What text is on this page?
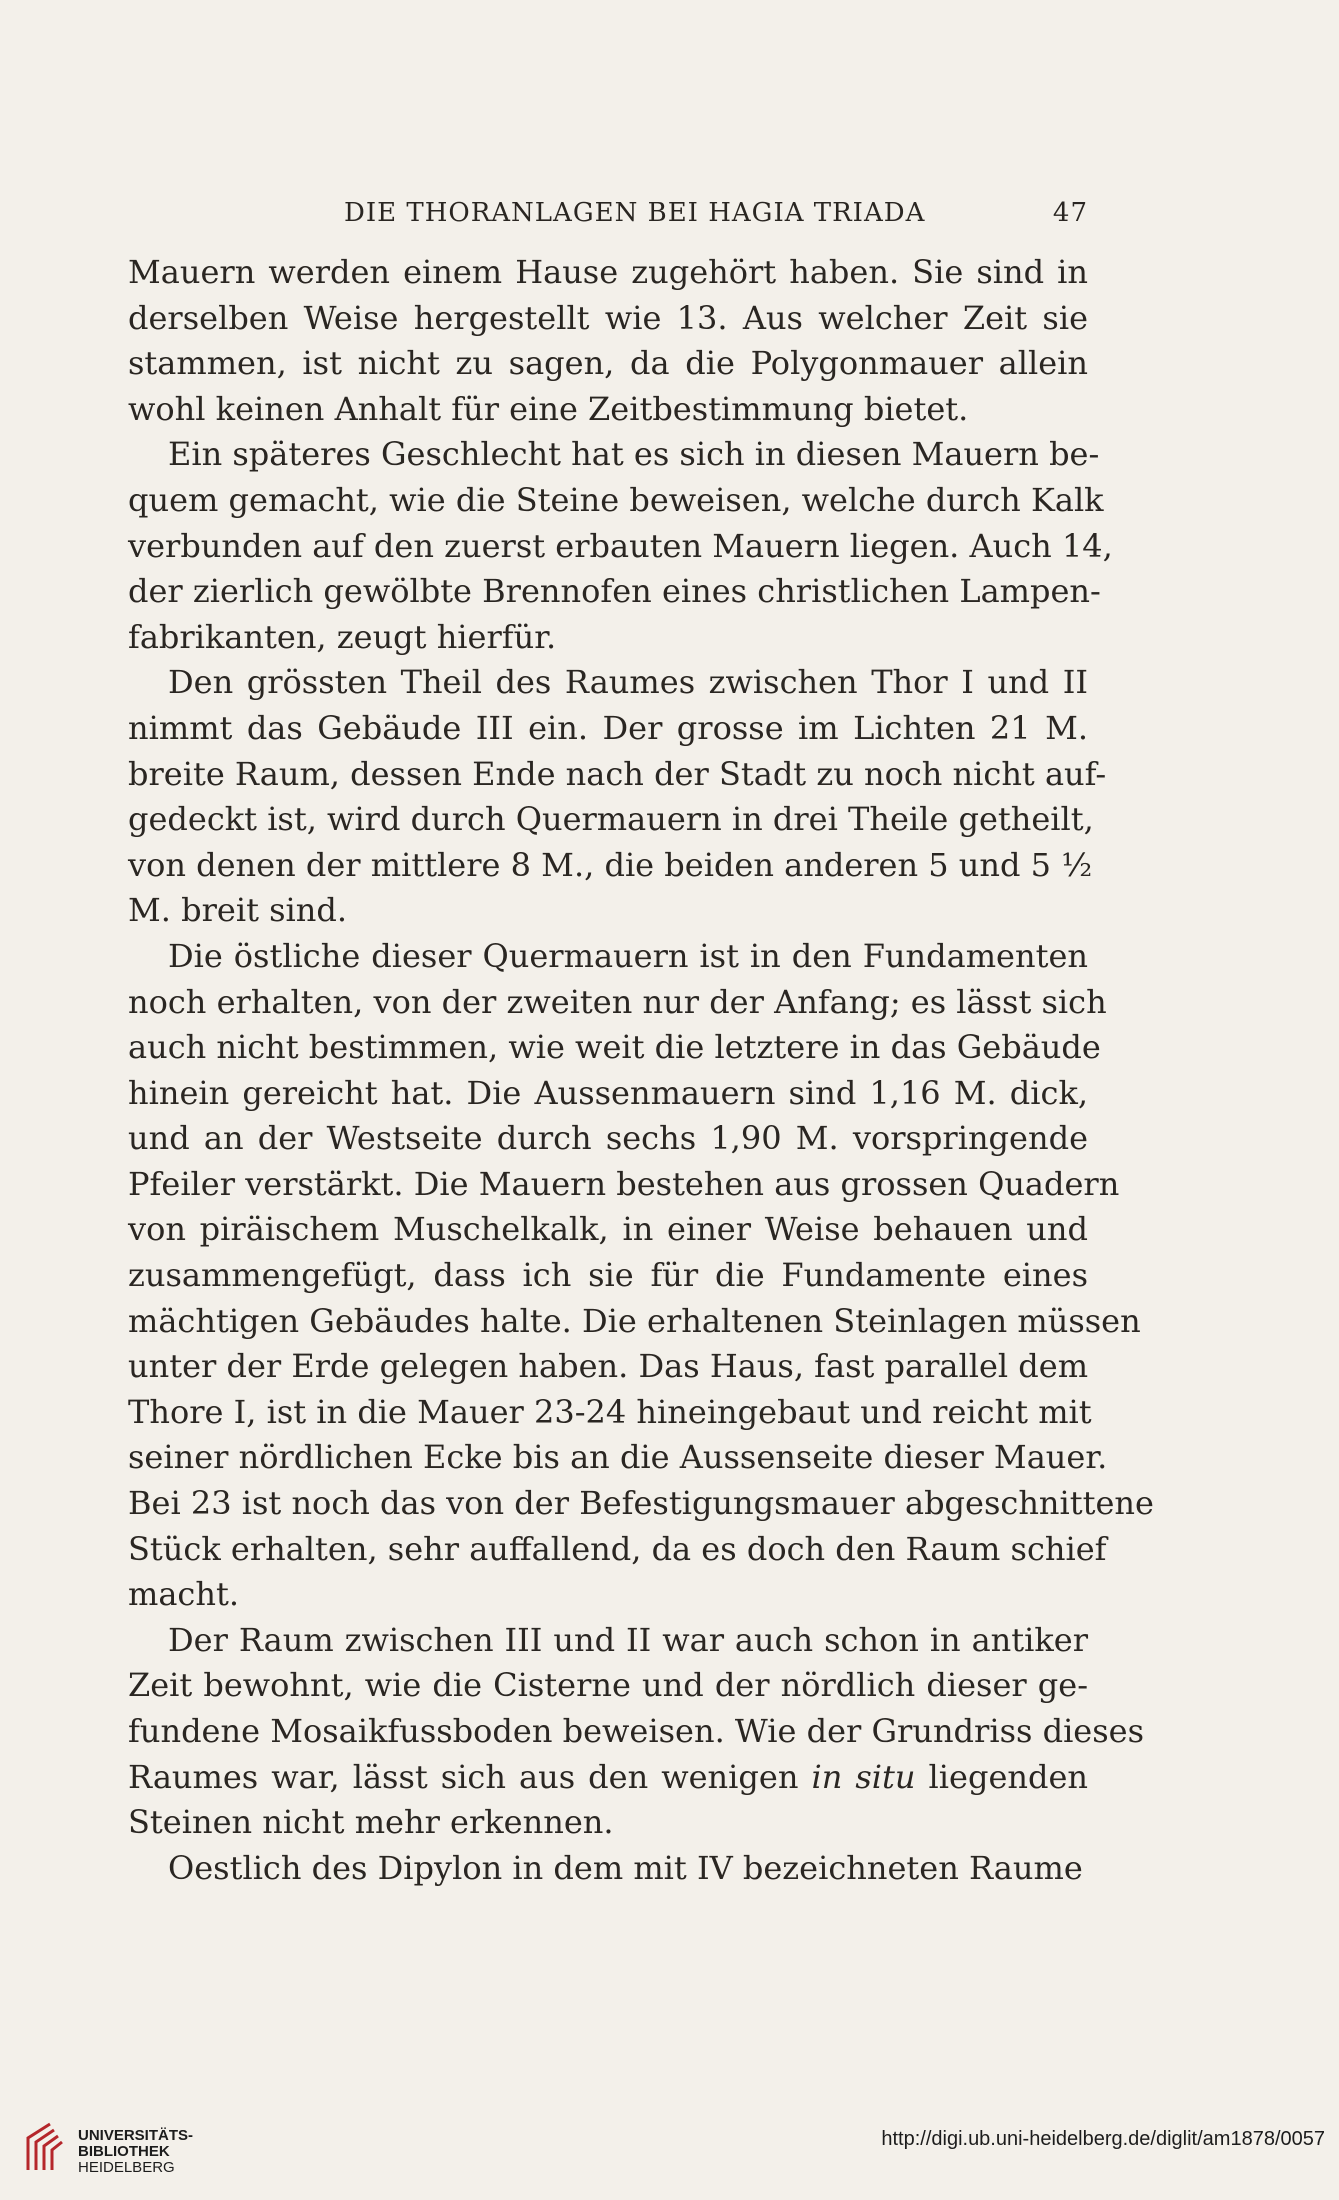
DIE THORANLAGEN BEI HAGIA TRIADA	47
Mauern werden einem Hause zugehört haben. Sie sind in
derselben Weise hergestellt wie 13. Aus welcher Zeit sie
stammen, ist nicht zu sagen, da die Polygonmauer allein
wohl keinen Anhalt für eine Zeitbestimmung bietet.
Ein späteres Geschlecht hat es sich in diesen Mauern be-
quem gemacht, wie die Steine beweisen, welche durch Kalk
verbunden auf den zuerst erbauten Mauern liegen. Auch 14,
der zierlich gewölbte Brennofen eines christlichen Lampen-
fabrikanten, zeugt hierfür.
Den grössten Theil des Raumes zwischen Thor I und II
nimmt das Gebäude III ein. Der grosse im Lichten 21 M.
breite Raum, dessen Ende nach der Stadt zu noch nicht auf-
gedeckt ist, wird durch Quermauern in drei Theile getheilt,
von denen der mittlere 8 M., die beiden anderen 5 und 5 ½
M. breit sind.
Die östliche dieser Quermauern ist in den Fundamenten
noch erhalten, von der zweiten nur der Anfang; es lässt sich
auch nicht bestimmen, wie weit die letztere in das Gebäude
hinein gereicht hat. Die Aussenmauern sind 1,16 M. dick,
und an der Westseite durch sechs 1,90 M. vorspringende
Pfeiler verstärkt. Die Mauern bestehen aus grossen Quadern
von piräischem Muschelkalk, in einer Weise behauen und
zusammengefügt, dass ich sie für die Fundamente eines
mächtigen Gebäudes halte. Die erhaltenen Steinlagen müssen
unter der Erde gelegen haben. Das Haus, fast parallel dem
Thore I, ist in die Mauer 23-24 hineingebaut und reicht mit
seiner nördlichen Ecke bis an die Aussenseite dieser Mauer.
Bei 23 ist noch das von der Befestigungsmauer abgeschnittene
Stück erhalten, sehr auffallend, da es doch den Raum schief
macht.
Der Raum zwischen III und II war auch schon in antiker
Zeit bewohnt, wie die Cisterne und der nördlich dieser ge-
fundene Mosaikfussboden beweisen. Wie der Grundriss dieses
Raumes war, lässt sich aus den wenigen in situ liegenden
Steinen nicht mehr erkennen.
Oestlich des Dipylon in dem mit IV bezeichneten Raume
UNIVERSITÄTS-
BIBLIOTHEK
HEIDELBERG
http://digi.ub.uni-heidelberg.de/diglit/am1878/0057
